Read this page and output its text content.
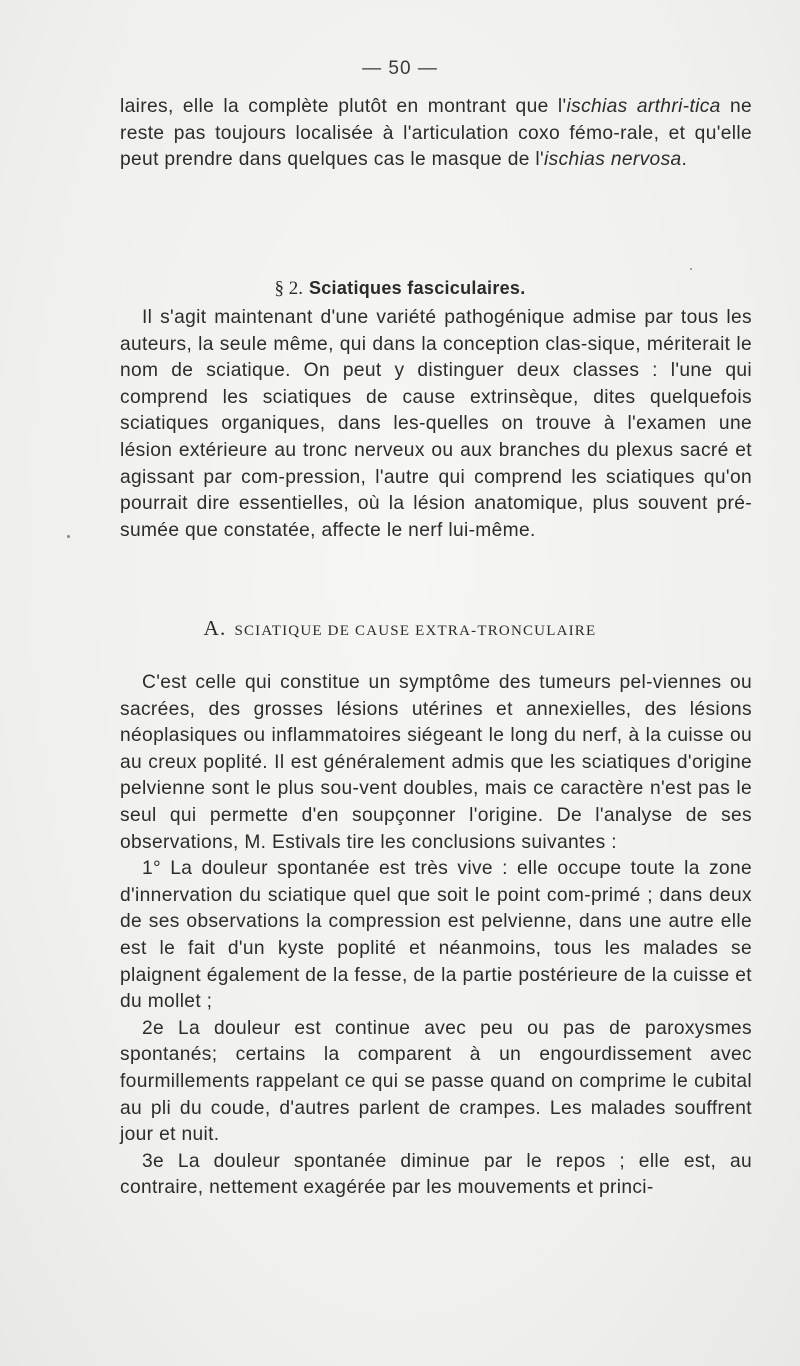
— 50 —

laires, elle la complète plutôt en montrant que l'ischias arthri-tica ne reste pas toujours localisée à l'articulation coxo fémo-rale, et qu'elle peut prendre dans quelques cas le masque de l'ischias nervosa.

§ 2. Sciatiques fasciculaires.

Il s'agit maintenant d'une variété pathogénique admise par tous les auteurs, la seule même, qui dans la conception clas-sique, mériterait le nom de sciatique. On peut y distinguer deux classes : l'une qui comprend les sciatiques de cause extrinsèque, dites quelquefois sciatiques organiques, dans les-quelles on trouve à l'examen une lésion extérieure au tronc nerveux ou aux branches du plexus sacré et agissant par com-pression, l'autre qui comprend les sciatiques qu'on pourrait dire essentielles, où la lésion anatomique, plus souvent pré-sumée que constatée, affecte le nerf lui-même.

A. SCIATIQUE DE CAUSE EXTRA-TRONCULAIRE

C'est celle qui constitue un symptôme des tumeurs pel-viennes ou sacrées, des grosses lésions utérines et annexielles, des lésions néoplasiques ou inflammatoires siégeant le long du nerf, à la cuisse ou au creux poplité. Il est généralement admis que les sciatiques d'origine pelvienne sont le plus sou-vent doubles, mais ce caractère n'est pas le seul qui permette d'en soupçonner l'origine. De l'analyse de ses observations, M. Estivals tire les conclusions suivantes :

1° La douleur spontanée est très vive : elle occupe toute la zone d'innervation du sciatique quel que soit le point com-primé ; dans deux de ses observations la compression est pelvienne, dans une autre elle est le fait d'un kyste poplité et néanmoins, tous les malades se plaignent également de la fesse, de la partie postérieure de la cuisse et du mollet ;

2e La douleur est continue avec peu ou pas de paroxysmes spontanés; certains la comparent à un engourdissement avec fourmillements rappelant ce qui se passe quand on comprime le cubital au pli du coude, d'autres parlent de crampes. Les malades souffrent jour et nuit.

3e La douleur spontanée diminue par le repos ; elle est, au contraire, nettement exagérée par les mouvements et princi-
